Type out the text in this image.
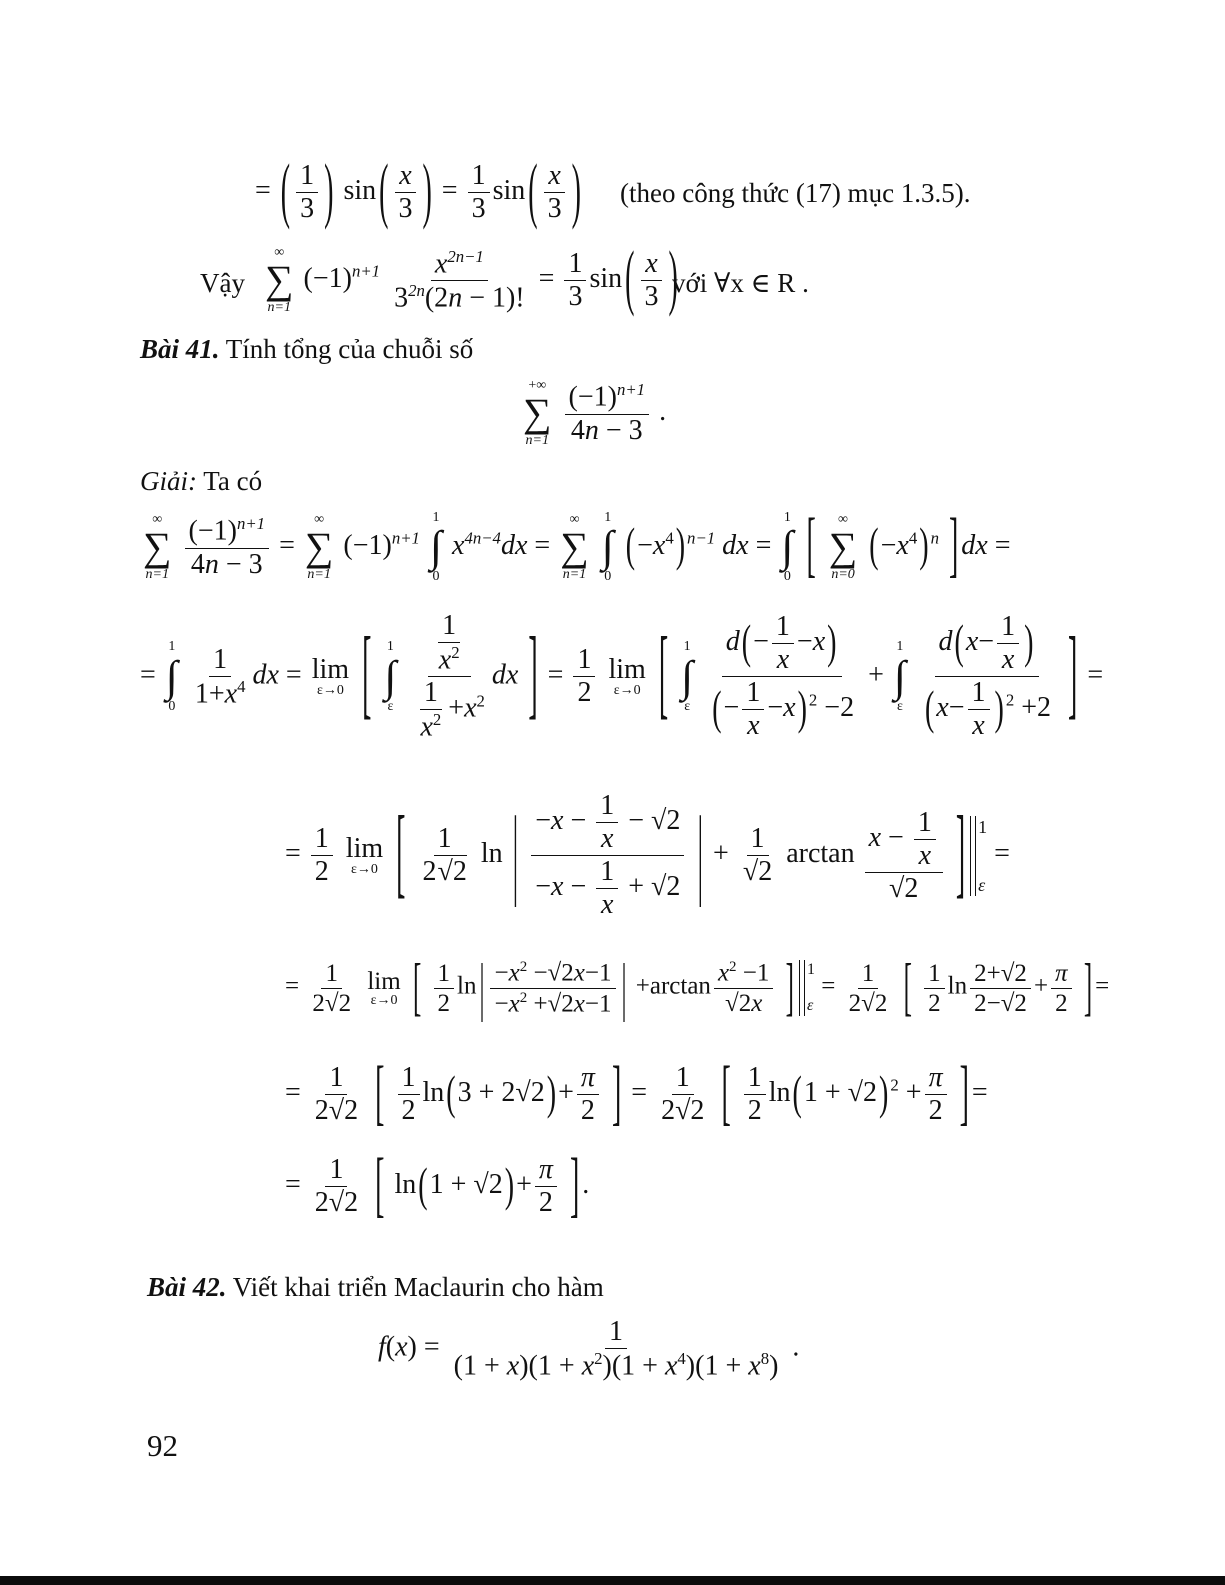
= ( $\frac{1}{3}$ ) sin ( $\frac{x}{3}$ ) = $\frac{1}{3}$ sin ( $\frac{x}{3}$ ) (theo công thức (17) mục 1.3.5).
Vậy
∞
∑
n=1
$(-1)^{n+1} \frac{x^{2n-1}}{3^{2n}(2n - 1)!} = \frac{1}{3}$ sin ( $\frac{x}{3}$ )
với ∀x ∈ R .
Bài 41. Tính tổng của chuỗi số
+∞
∑
n=1
$\frac{(-1)^{n+1}}{4n - 3}$ .
Giải: Ta có
∞
∑
n=1
$\frac{(-1)^{n+1}}{4n - 3}$ =
∞
∑
n=1
$(-1)^{n+1}$
1
∫
0
$x^{4n-4}dx$ =
∞
∑
n=1

1
∫
0
$(-x^4)$ $^{n-1}$ dx =
1
∫
0 [ ∞
∑
n=0
$(-x^4)$ $^n$ ] dx =
=
1
∫
0
$\frac{1}{1+x^4}$ dx = lim
ε→0 [ 1
∫
ε
$\frac{\frac{1}{x^2}}{\frac{1}{x^2} +x^2}$ dx ] = $\frac{1}{2}$
lim
ε→0 [ 1
∫
ε
$\frac{d(- \frac{1}{x} -x)}{(- \frac{1}{x} -x) ^2 -2}$ +
1
∫
ε
$\frac{d(x- \frac{1}{x} )}{(x- \frac{1}{x} ) ^2 +2}$ ] =
= $\frac{1}{2}$
lim
ε→0 [ $\frac{1}{2√2}$ ln | $\frac{-x - \frac{1}{x} - √2}{-x - \frac{1}{x} + √2}$ | + $\frac{1}{√2}$ $\arctan \frac{x - \frac{1}{x}}{√2}$ ] 1
ε
=
= $\frac{1}{2√2}$
lim
ε→0 [ $\frac{1}{2}$ ln | $\frac{-x^2 -√2x-1}{-x^2 +√2x-1}$ | $+\arctan \frac{x^2 -1}{√2x}$ ] 1
ε
= $\frac{1}{2√2}$ [ $\frac{1}{2}$ $\ln \frac{2+√2}{2-√2} + \frac{\pi}{2}$ ] =
= $\frac{1}{2√2}$ [ $\frac{1}{2} \ln(3 + 2√2)+ \frac{\pi}{2}$ ] = $\frac{1}{2√2}$ [ $\frac{1}{2} \ln(1 + √2) ^2 + \frac{\pi}{2}$ ] =
= $\frac{1}{2√2}$ [ $\ln(1 + √2)+ \frac{\pi}{2}$ ] .
Bài 42. Viết khai triển Maclaurin cho hàm
$f(x) = \frac{1}{(1 + x)(1 + x^2)(1 + x^4)(1 + x^8)}$ .
92
